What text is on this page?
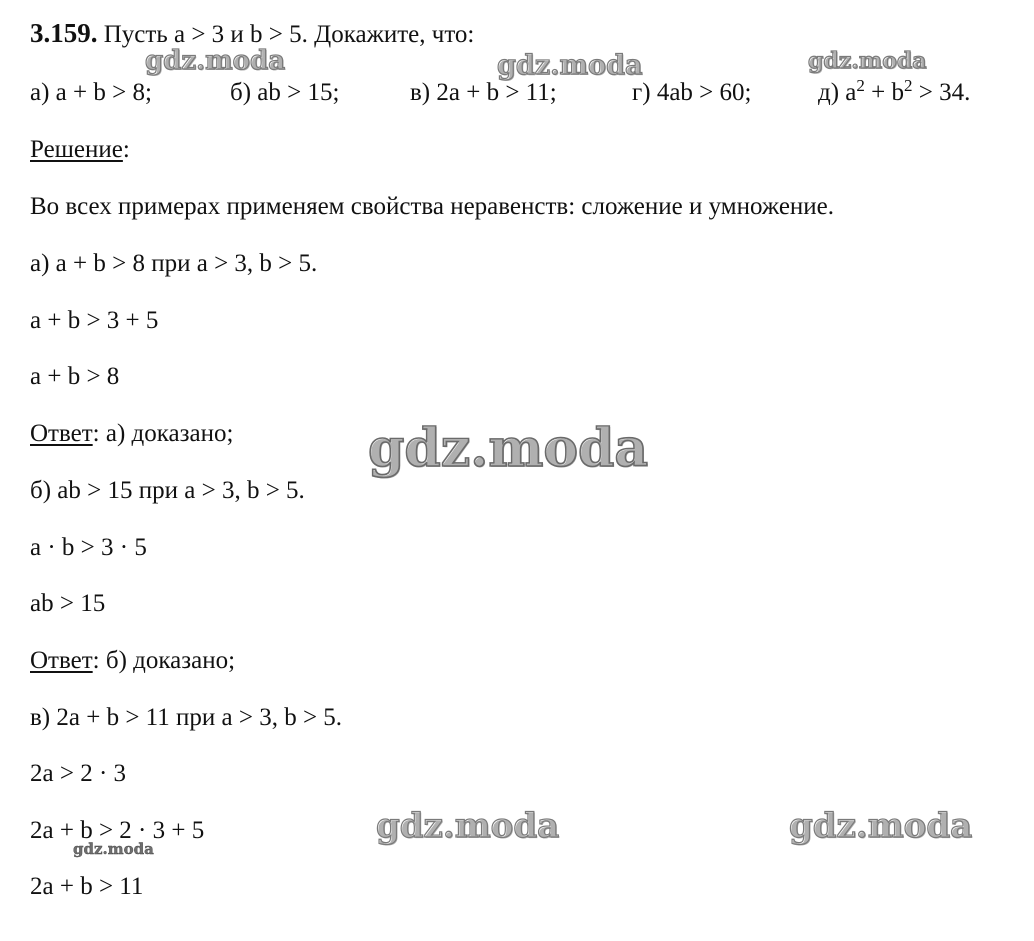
3.159. Пусть a > 3 и b > 5. Докажите, что:
а) a + b > 8;	б) ab > 15;	в) 2a + b > 11;	г) 4ab > 60;	д) $a^2 + b^2 > 34$.
Решение:
Во всех примерах применяем свойства неравенств: сложение и умножение.
а) a + b > 8 при a > 3, b > 5.
a + b > 3 + 5
a + b > 8
Ответ: а) доказано;
б) ab > 15 при a > 3, b > 5.
a · b > 3 · 5
ab > 15
Ответ: б) доказано;
в) 2a + b > 11 при a > 3, b > 5.
2a > 2 · 3
2a + b > 2 · 3 + 5
2a + b > 11
gdz.moda	gdz.moda	gdz.moda
gdz.moda
gdz.moda	gdz.moda
gdz.moda
